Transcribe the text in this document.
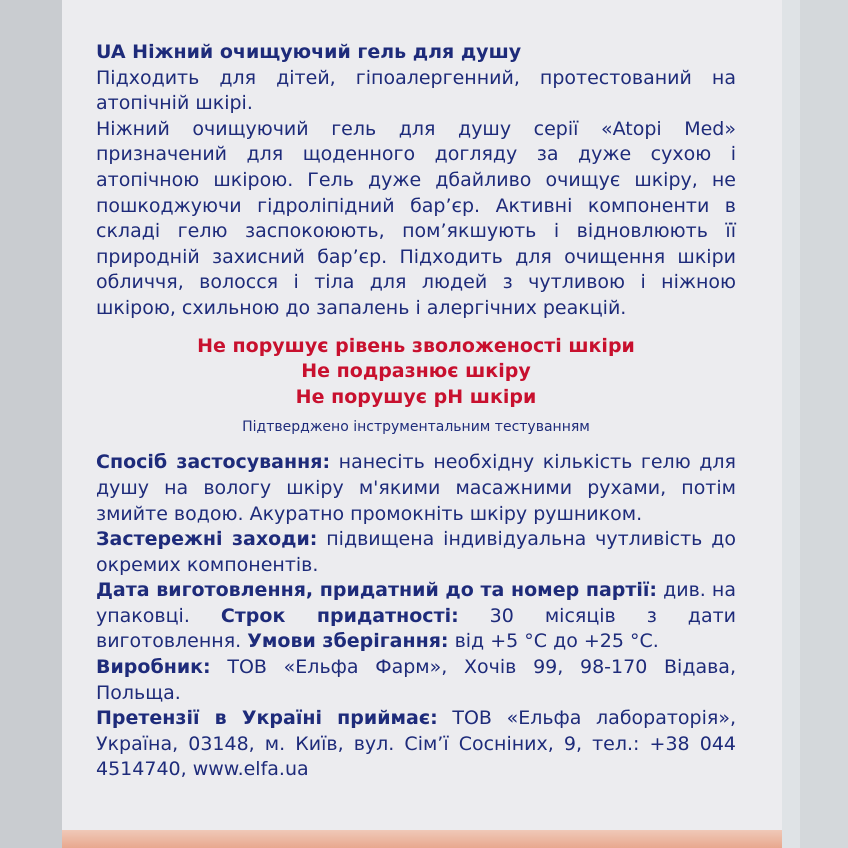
UA Ніжний очищуючий гель для душу

Підходить для дітей, гіпоалергенний, протестований на атопічній шкірі.

Ніжний очищуючий гель для душу серії «Atopi Med» призначений для щоденного догляду за дуже сухою і атопічною шкірою. Гель дуже дбайливо очищує шкіру, не пошкоджуючи гідроліпідний бар’єр. Активні компоненти в складі гелю заспокоюють, пом’якшують і відновлюють її природній захисний бар’єр. Підходить для очищення шкіри обличчя, волосся і тіла для людей з чутливою і ніжною шкірою, схильною до запалень і алергічних реакцій.

Не порушує рівень зволоженості шкіри

Не подразнює шкіру

Не порушує рН шкіри

Підтверджено інструментальним тестуванням

Спосіб застосування: нанесіть необхідну кількість гелю для душу на вологу шкіру м'якими масажними рухами, потім змийте водою. Акуратно промокніть шкіру рушником.

Застережні заходи: підвищена індивідуальна чутливість до окремих компонентів.

Дата виготовлення, придатний до та номер партії: див. на упаковці. Строк придатності: 30 місяців з дати виготовлення. Умови зберігання: від +5 °С до +25 °С.

Виробник: ТОВ «Ельфа Фарм», Хочів 99, 98-170 Відава, Польща.

Претензії в Україні приймає: ТОВ «Ельфа лабораторія», Україна, 03148, м. Київ, вул. Сім’ї Сосніних, 9, тел.: +38 044 4514740, www.elfa.ua
